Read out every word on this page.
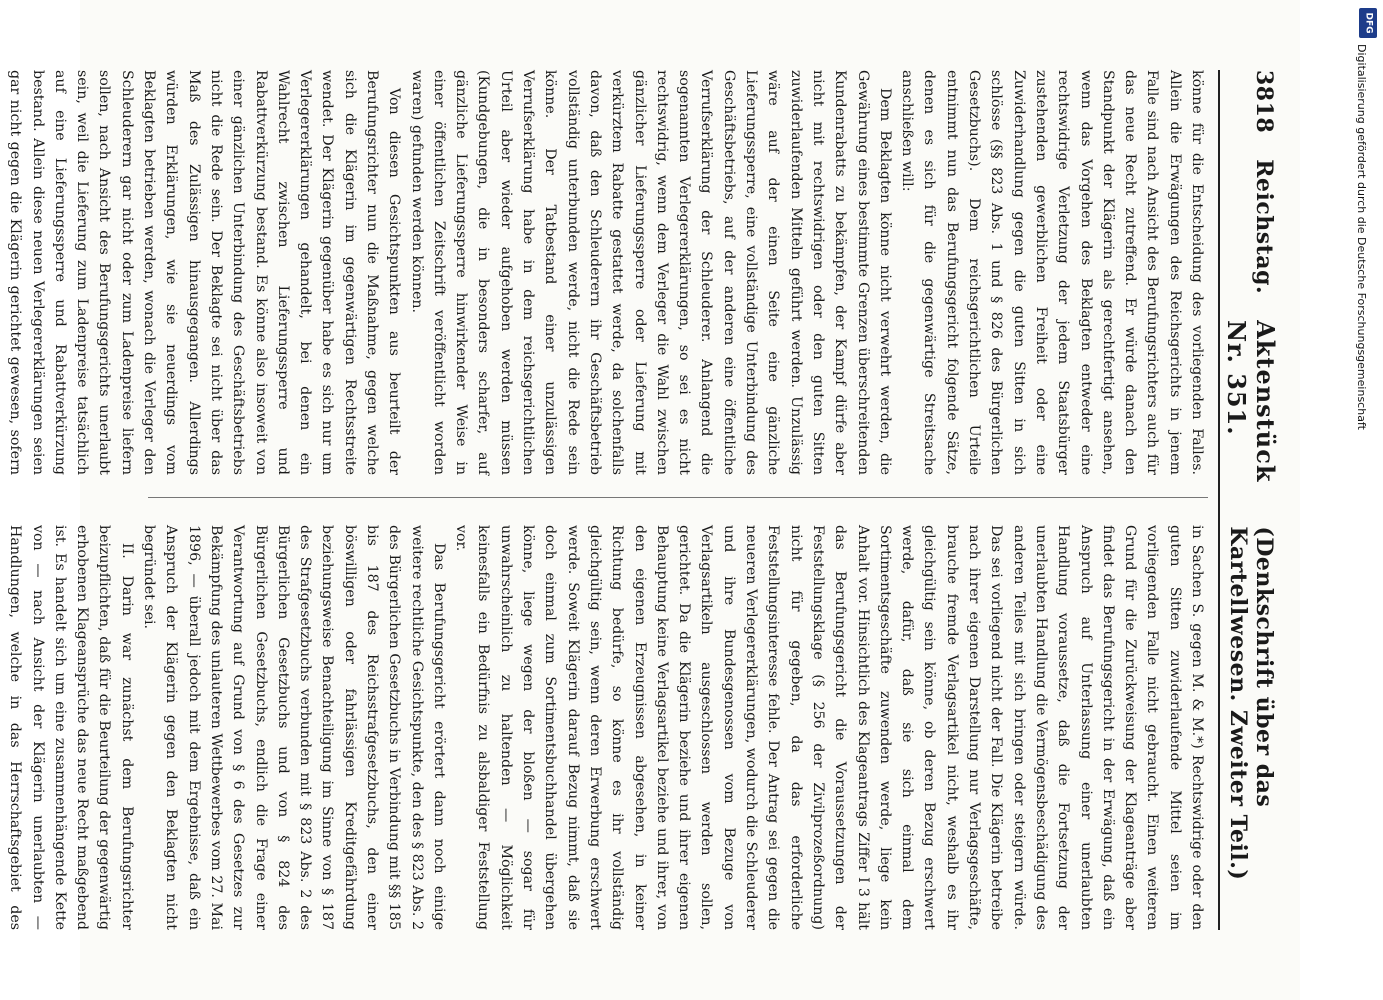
3818
Reichstag.
Aktenstück Nr. 351.
(Denkschrift über das Kartellwesen. Zweiter Teil.)

könne für die Entscheidung des vorliegenden Falles. Allein die Erwägungen des Reichsgerichts in jenem Falle sind nach Ansicht des Berufungsrichters auch für das neue Recht zutreffend. Er würde danach den Standpunkt der Klägerin als gerechtfertigt ansehen, wenn das Vorgehen des Beklagten entweder eine rechtswidrige Verletzung der jedem Staatsbürger zustehenden gewerblichen Freiheit oder eine Zuwiderhandlung gegen die guten Sitten in sich schlösse (§§ 823 Abs. 1 und § 826 des Bürgerlichen Gesetzbuchs). Dem reichsgerichtlichen Urteile entnimmt nun das Berufungsgericht folgende Sätze, denen es sich für die gegenwärtige Streitsache anschließen will:

Dem Beklagten könne nicht verwehrt werden, die Gewährung eines bestimmte Grenzen überschreitenden Kundenrabatts zu bekämpfen, der Kampf dürfe aber nicht mit rechtswidrigen oder den guten Sitten zuwiderlaufenden Mitteln geführt werden. Unzulässig wäre auf der einen Seite eine gänzliche Lieferungssperre, eine vollständige Unterbindung des Geschäftsbetriebs, auf der anderen eine öffentliche Verrufserklärung der Schleuderer. Anlangend die sogenannten Verlegererklärungen, so sei es nicht rechtswidrig, wenn dem Verleger die Wahl zwischen gänzlicher Lieferungssperre oder Lieferung mit verkürztem Rabatte gestattet werde, da solchenfalls davon, daß den Schleuderern ihr Geschäftsbetrieb vollständig unterbunden werde, nicht die Rede sein könne. Der Tatbestand einer unzulässigen Verrufserklärung habe in dem reichsgerichtlichen Urteil aber wieder aufgehoben werden müssen (Kundgebungen, die in besonders scharfer, auf gänzliche Lieferungssperre hinwirkender Weise in einer öffentlichen Zeitschrift veröffentlicht worden waren) gefunden werden können.

Von diesen Gesichtspunkten aus beurteilt der Berufungsrichter nun die Maßnahme, gegen welche sich die Klägerin im gegenwärtigen Rechtsstreite wendet. Der Klägerin gegenüber habe es sich nur um Verlegererklärungen gehandelt, bei denen ein Wahlrecht zwischen Lieferungssperre und Rabattverkürzung bestand. Es könne also insoweit von einer gänzlichen Unterbindung des Geschäftsbetriebs nicht die Rede sein. Der Beklagte sei nicht über das Maß des Zulässigen hinausgegangen. Allerdings würden Erklärungen, wie sie neuerdings vom Beklagten betrieben werden, wonach die Verleger den Schleuderern gar nicht oder zum Ladenpreise liefern sollen, nach Ansicht des Berufungsgerichts unerlaubt sein, weil die Lieferung zum Ladenpreise tatsächlich auf eine Lieferungssperre und Rabattverkürzung bestand. Allein diese neuen Verlegererklärungen seien gar nicht gegen die Klägerin gerichtet gewesen, sofern

in Sachen S. gegen M. & M.*) Rechtswidrige oder den guten Sitten zuwiderlaufende Mittel seien im vorliegenden Falle nicht gebraucht. Einen weiteren Grund für die Zurückweisung der Klageanträge aber findet das Berufungsgericht in der Erwägung, daß ein Anspruch auf Unterlassung einer unerlaubten Handlung voraussetze, daß die Fortsetzung der unerlaubten Handlung die Vermögensbeschädigung des anderen Teiles mit sich bringen oder steigern würde. Das sei vorliegend nicht der Fall. Die Klägerin betreibe nach ihrer eigenen Darstellung nur Verlagsgeschäfte, brauche fremde Verlagsartikel nicht, weshalb es ihr gleichgültig sein könne, ob deren Bezug erschwert werde, dafür, daß sie sich einmal dem Sortimentsgeschäfte zuwenden werde, liege kein Anhalt vor. Hinsichtlich des Klageantrags Ziffer I 3 hält das Berufungsgericht die Voraussetzungen der Feststellungsklage (§ 256 der Zivilprozeßordnung) nicht für gegeben, da das erforderliche Feststellungsinteresse fehle. Der Antrag sei gegen die neueren Verlegererklärungen, wodurch die Schleuderer und ihre Bundesgenossen vom Bezuge von Verlagsartikeln ausgeschlossen werden sollen, gerichtet. Da die Klägerin beziehe und ihrer eigenen Behauptung keine Verlagsartikel beziehe und ihrer, von den eigenen Erzeugnissen abgesehen, in keiner Richtung bedürfe, so könne es ihr vollständig gleichgültig sein, wenn deren Erwerbung erschwert werde. Soweit Klägerin darauf Bezug nimmt, daß sie doch einmal zum Sortimentsbuchhandel übergehen könne, liege wegen der bloßen — sogar für unwahrscheinlich zu haltenden — Möglichkeit keinesfalls ein Bedürfnis zu alsbaldiger Feststellung vor.

Das Berufungsgericht erörtert dann noch einige weitere rechtliche Gesichtspunkte, den des § 823 Abs. 2 des Bürgerlichen Gesetzbuchs in Verbindung mit §§ 185 bis 187 des Reichsstrafgesetzbuchs, den einer böswilligen oder fahrlässigen Kreditgefährdung beziehungsweise Benachteiligung im Sinne von § 187 des Strafgesetzbuchs verbunden mit § 823 Abs. 2 des Bürgerlichen Gesetzbuchs und von § 824 des Bürgerlichen Gesetzbuchs, endlich die Frage einer Verantwortung auf Grund von § 6 des Gesetzes zur Bekämpfung des unlauteren Wettbewerbes vom 27. Mai 1896, — überall jedoch mit dem Ergebnisse, daß ein Anspruch der Klägerin gegen den Beklagten nicht begründet sei.

II. Darin war zunächst dem Berufungsrichter beizupflichten, daß für die Beurteilung der gegenwärtig erhobenen Klageansprüche das neue Recht maßgebend ist. Es handelt sich um eine zusammenhängende Kette von — nach Ansicht der Klägerin unerlaubten — Handlungen, welche in das Herrschaftsgebiet des

DFG
Digitalisierung gefördert durch die Deutsche Forschungsgemeinschaft
